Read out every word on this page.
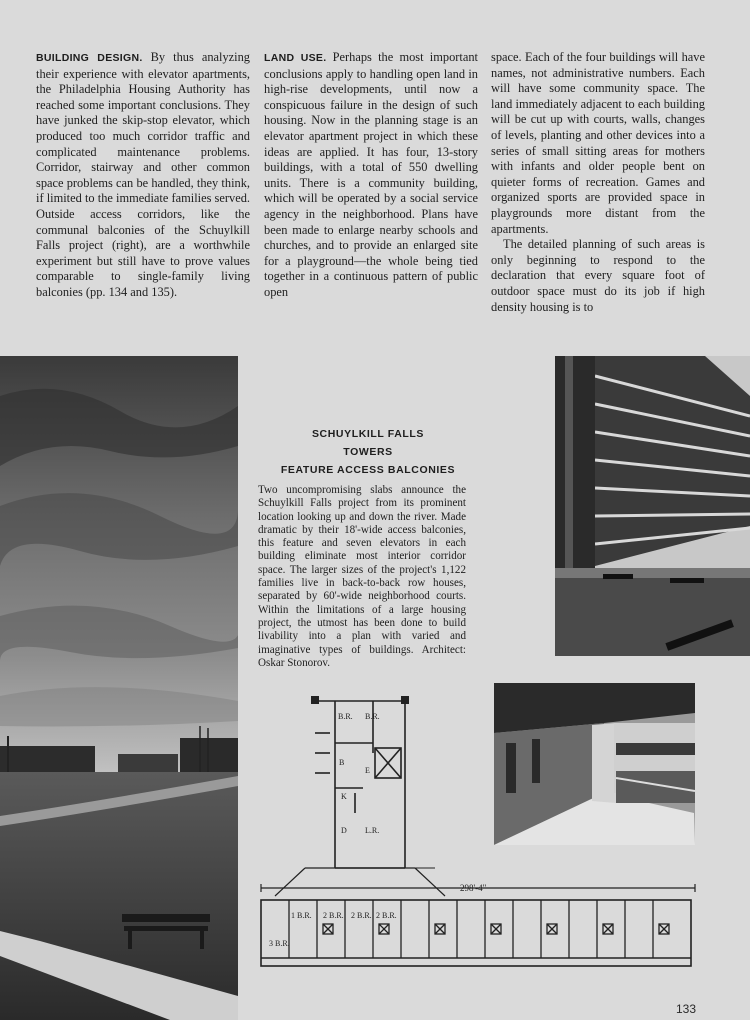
BUILDING DESIGN. By thus analyzing their experience with elevator apartments, the Philadelphia Housing Authority has reached some important conclusions. They have junked the skip-stop elevator, which produced too much corridor traffic and complicated maintenance problems. Corridor, stairway and other common space problems can be handled, they think, if limited to the immediate families served. Outside access corridors, like the communal balconies of the Schuylkill Falls project (right), are a worthwhile experiment but still have to prove values comparable to single-family living balconies (pp. 134 and 135).

LAND USE. Perhaps the most important conclusions apply to handling open land in high-rise developments, until now a conspicuous failure in the design of such housing. Now in the planning stage is an elevator apartment project in which these ideas are applied. It has four, 13-story buildings, with a total of 550 dwelling units. There is a community building, which will be operated by a social service agency in the neighborhood. Plans have been made to enlarge nearby schools and churches, and to provide an enlarged site for a playground—the whole being tied together in a continuous pattern of public open

space. Each of the four buildings will have names, not administrative numbers. Each will have some community space. The land immediately adjacent to each building will be cut up with courts, walls, changes of levels, planting and other devices into a series of small sitting areas for mothers with infants and older people bent on quieter forms of recreation. Games and organized sports are provided space in playgrounds more distant from the apartments.

The detailed planning of such areas is only beginning to respond to the declaration that every square foot of outdoor space must do its job if high density housing is to

SCHUYLKILL FALLS
TOWERS
FEATURE ACCESS BALCONIES
Two uncompromising slabs announce the Schuylkill Falls project from its prominent location looking up and down the river. Made dramatic by their 18'-wide access balconies, this feature and seven elevators in each building eliminate most interior corridor space. The larger sizes of the project's 1,122 families live in back-to-back row houses, separated by 60'-wide neighborhood courts. Within the limitations of a large housing project, the utmost has been done to build livability into a plan with varied and imaginative types of buildings. Architect: Oskar Stonorov.
B.R. B.R.
B
E
K
D L.R.
298'-4"
1 B.R. 2 B.R. 2 B.R. 2 B.R.
3 B.R.
133
